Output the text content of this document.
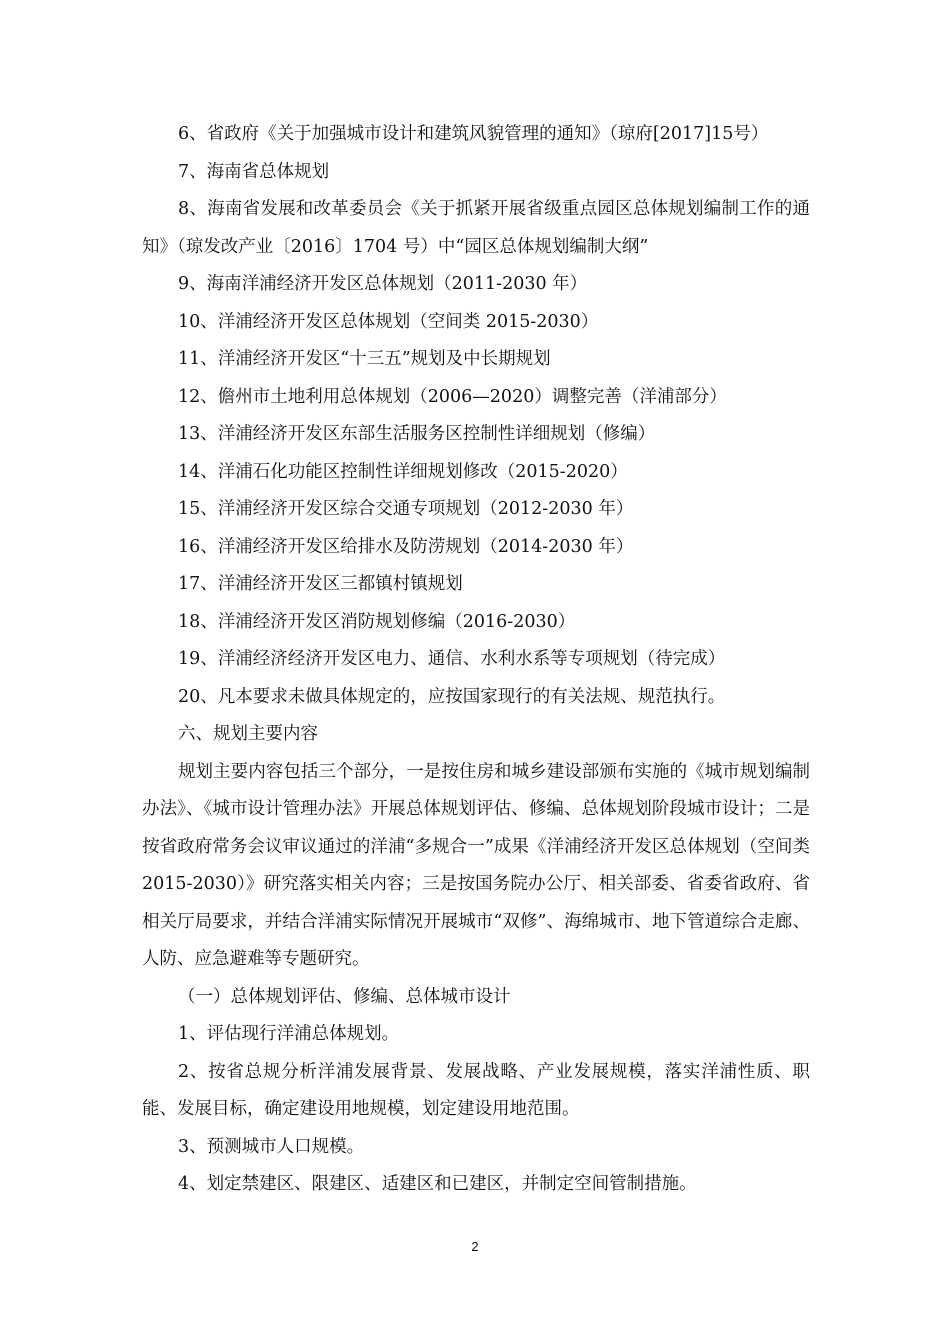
6、省政府《关于加强城市设计和建筑风貌管理的通知》（琼府[2017]15号）

7、海南省总体规划

8、海南省发展和改革委员会《关于抓紧开展省级重点园区总体规划编制工作的通知》（琼发改产业〔2016〕1704 号）中“园区总体规划编制大纲”

9、海南洋浦经济开发区总体规划（2011-2030 年）

10、洋浦经济开发区总体规划（空间类 2015-2030）

11、洋浦经济开发区“十三五”规划及中长期规划

12、儋州市土地利用总体规划（2006—2020）调整完善（洋浦部分）

13、洋浦经济开发区东部生活服务区控制性详细规划（修编）

14、洋浦石化功能区控制性详细规划修改（2015-2020）

15、洋浦经济开发区综合交通专项规划（2012-2030 年）

16、洋浦经济开发区给排水及防涝规划（2014-2030 年）

17、洋浦经济开发区三都镇村镇规划

18、洋浦经济开发区消防规划修编（2016-2030）

19、洋浦经济经济开发区电力、通信、水利水系等专项规划（待完成）

20、凡本要求未做具体规定的，应按国家现行的有关法规、规范执行。

六、规划主要内容

规划主要内容包括三个部分，一是按住房和城乡建设部颁布实施的《城市规划编制办法》、《城市设计管理办法》开展总体规划评估、修编、总体规划阶段城市设计；二是按省政府常务会议审议通过的洋浦“多规合一”成果《洋浦经济开发区总体规划（空间类 2015-2030）》研究落实相关内容；三是按国务院办公厅、相关部委、省委省政府、省相关厅局要求，并结合洋浦实际情况开展城市“双修”、海绵城市、地下管道综合走廊、人防、应急避难等专题研究。

（一）总体规划评估、修编、总体城市设计

1、评估现行洋浦总体规划。

2、按省总规分析洋浦发展背景、发展战略、产业发展规模，落实洋浦性质、职能、发展目标，确定建设用地规模，划定建设用地范围。

3、预测城市人口规模。

4、划定禁建区、限建区、适建区和已建区，并制定空间管制措施。

2
